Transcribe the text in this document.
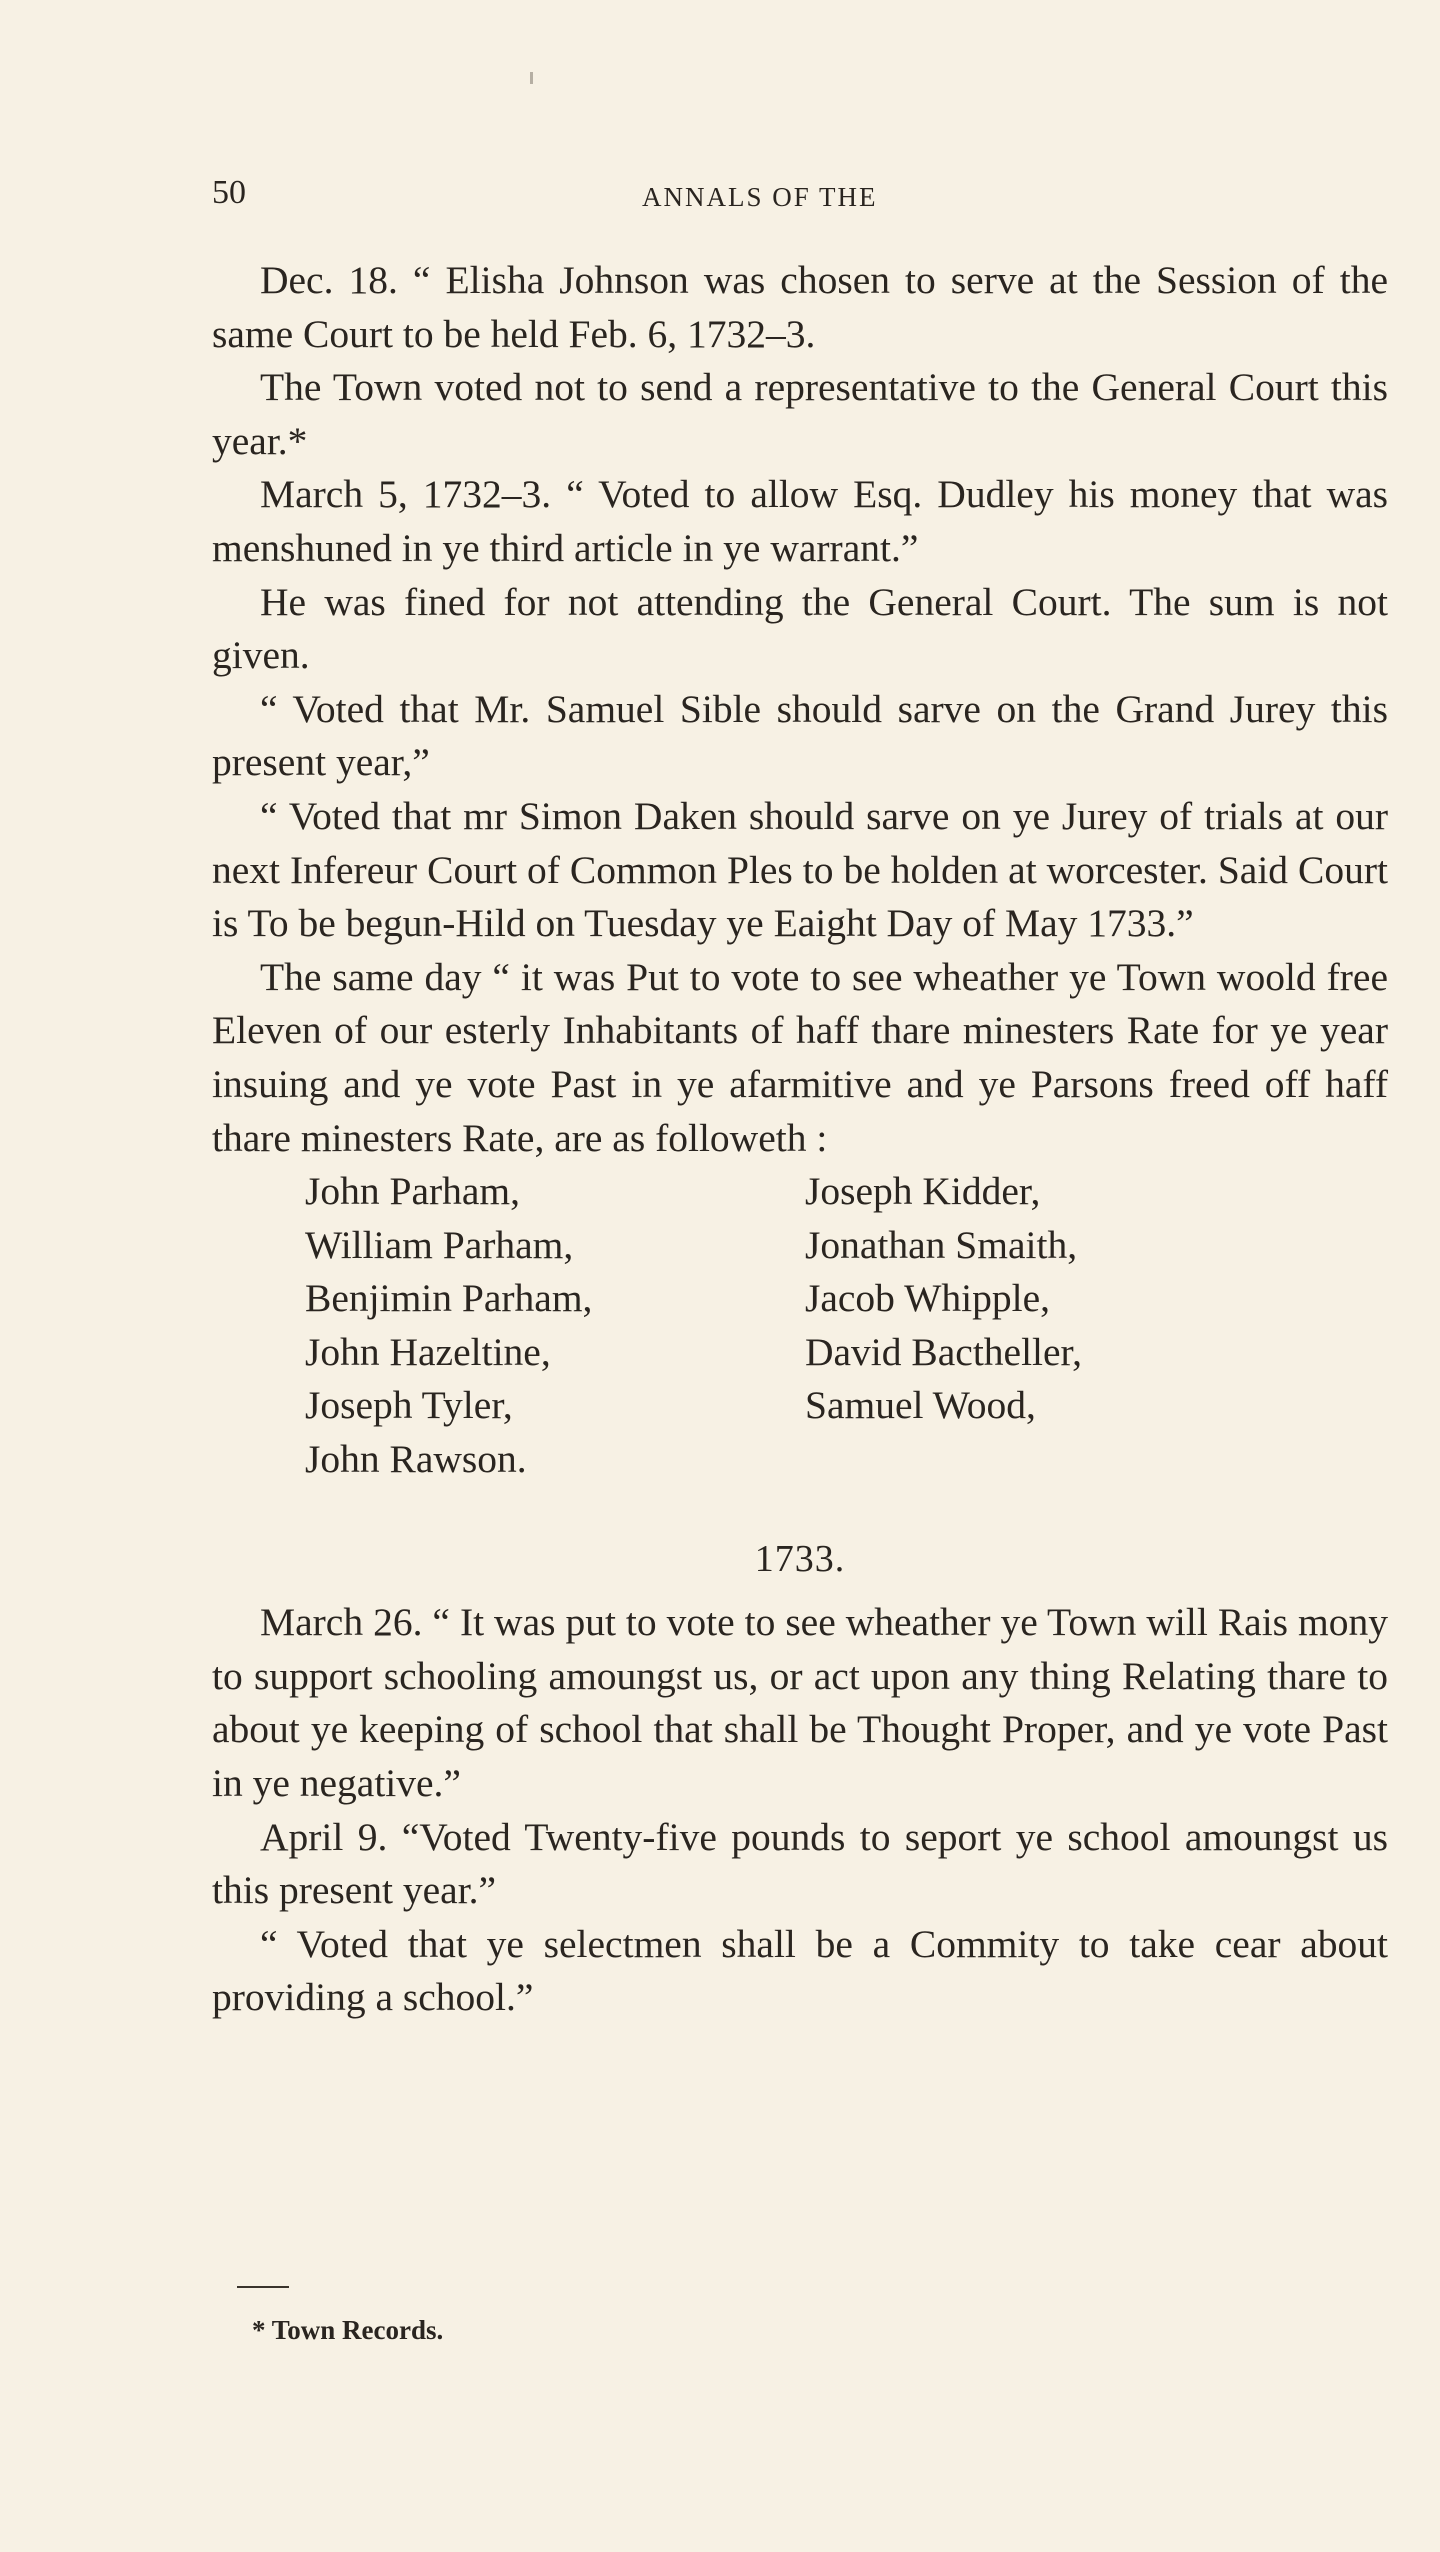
50	ANNALS OF THE

Dec. 18. “ Elisha Johnson was chosen to serve at the Session of the same Court to be held Feb. 6, 1732–3.

The Town voted not to send a representative to the General Court this year.*

March 5, 1732–3. “ Voted to allow Esq. Dudley his money that was menshuned in ye third article in ye warrant.”

He was fined for not attending the General Court. The sum is not given.

“ Voted that Mr. Samuel Sible should sarve on the Grand Jurey this present year,”

“ Voted that mr Simon Daken should sarve on ye Jurey of trials at our next Infereur Court of Common Ples to be holden at worcester. Said Court is To be begun-Hild on Tuesday ye Eaight Day of May 1733.”

The same day “ it was Put to vote to see wheather ye Town woold free Eleven of our esterly Inhabitants of haff thare minesters Rate for ye year insuing and ye vote Past in ye afarmitive and ye Parsons freed off haff thare minesters Rate, are as followeth :

John Parham,	Joseph Kidder,
William Parham,	Jonathan Smaith,
Benjimin Parham,	Jacob Whipple,
John Hazeltine,	David Bactheller,
Joseph Tyler,	Samuel Wood,
John Rawson.
1733.

March 26. “ It was put to vote to see wheather ye Town will Rais mony to support schooling amoungst us, or act upon any thing Relating thare to about ye keeping of school that shall be Thought Proper, and ye vote Past in ye negative.”

April 9. “Voted Twenty-five pounds to seport ye school amoungst us this present year.”

“ Voted that ye selectmen shall be a Commity to take cear about providing a school.”

* Town Records.
